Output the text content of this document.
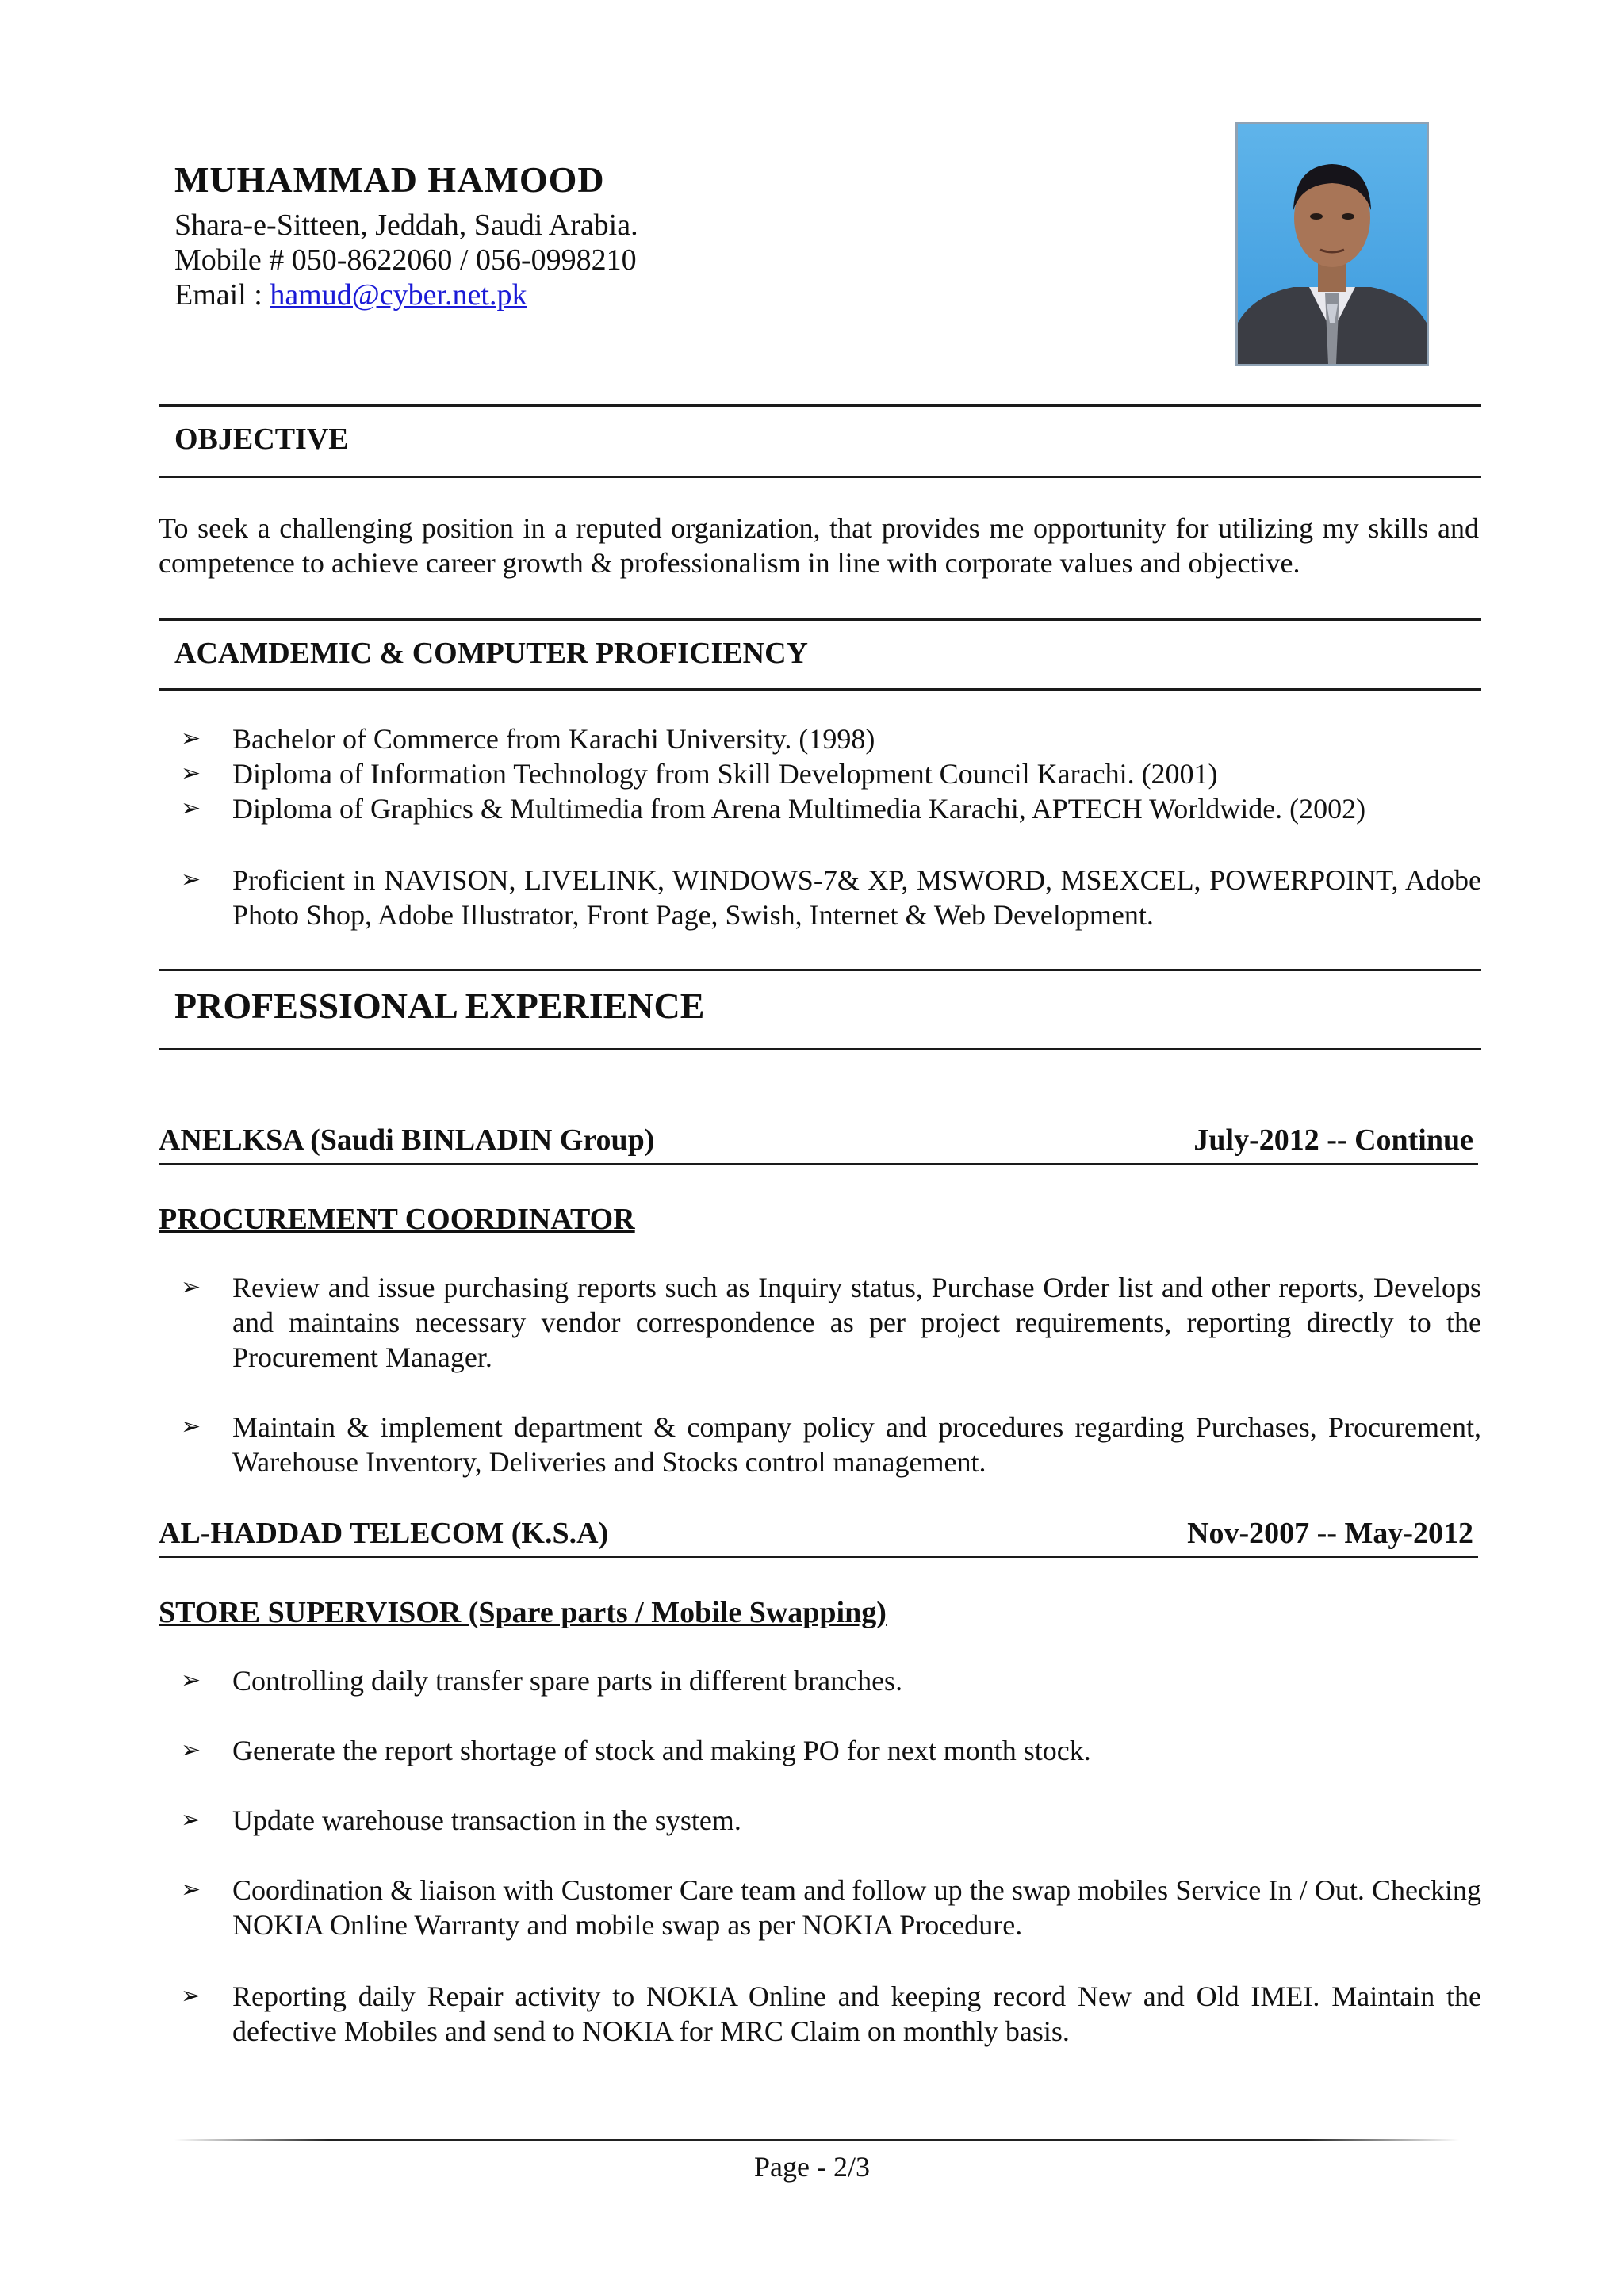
MUHAMMAD HAMOOD
Shara-e-Sitteen, Jeddah, Saudi Arabia.
Mobile # 050-8622060 / 056-0998210
Email : hamud@cyber.net.pk
OBJECTIVE
To seek a challenging position in a reputed organization, that provides me opportunity for utilizing my skills and competence to achieve career growth & professionalism in line with corporate values and objective.
ACAMDEMIC & COMPUTER PROFICIENCY
➢	Bachelor of Commerce from Karachi University. (1998)
➢	Diploma of Information Technology from Skill Development Council Karachi. (2001)
➢	Diploma of Graphics & Multimedia from Arena Multimedia Karachi, APTECH Worldwide. (2002)
➢	Proficient in NAVISON, LIVELINK, WINDOWS-7& XP, MSWORD, MSEXCEL, POWERPOINT, Adobe Photo Shop, Adobe Illustrator, Front Page, Swish, Internet & Web Development.
PROFESSIONAL EXPERIENCE
ANELKSA (Saudi BINLADIN Group)	July-2012 -- Continue
PROCUREMENT COORDINATOR
➢	Review and issue purchasing reports such as Inquiry status, Purchase Order list and other reports, Develops and maintains necessary vendor correspondence as per project requirements, reporting directly to the Procurement Manager.
➢	Maintain & implement department & company policy and procedures regarding Purchases, Procurement, Warehouse Inventory, Deliveries and Stocks control management.
AL-HADDAD TELECOM (K.S.A)	Nov-2007 -- May-2012
STORE SUPERVISOR (Spare parts / Mobile Swapping)
➢	Controlling daily transfer spare parts in different branches.
➢	Generate the report shortage of stock and making PO for next month stock.
➢	Update warehouse transaction in the system.
➢	Coordination & liaison with Customer Care team and follow up the swap mobiles Service In / Out. Checking NOKIA Online Warranty and mobile swap as per NOKIA Procedure.
➢	Reporting daily Repair activity to NOKIA Online and keeping record New and Old IMEI. Maintain the defective Mobiles and send to NOKIA for MRC Claim on monthly basis.
Page - 2/3
